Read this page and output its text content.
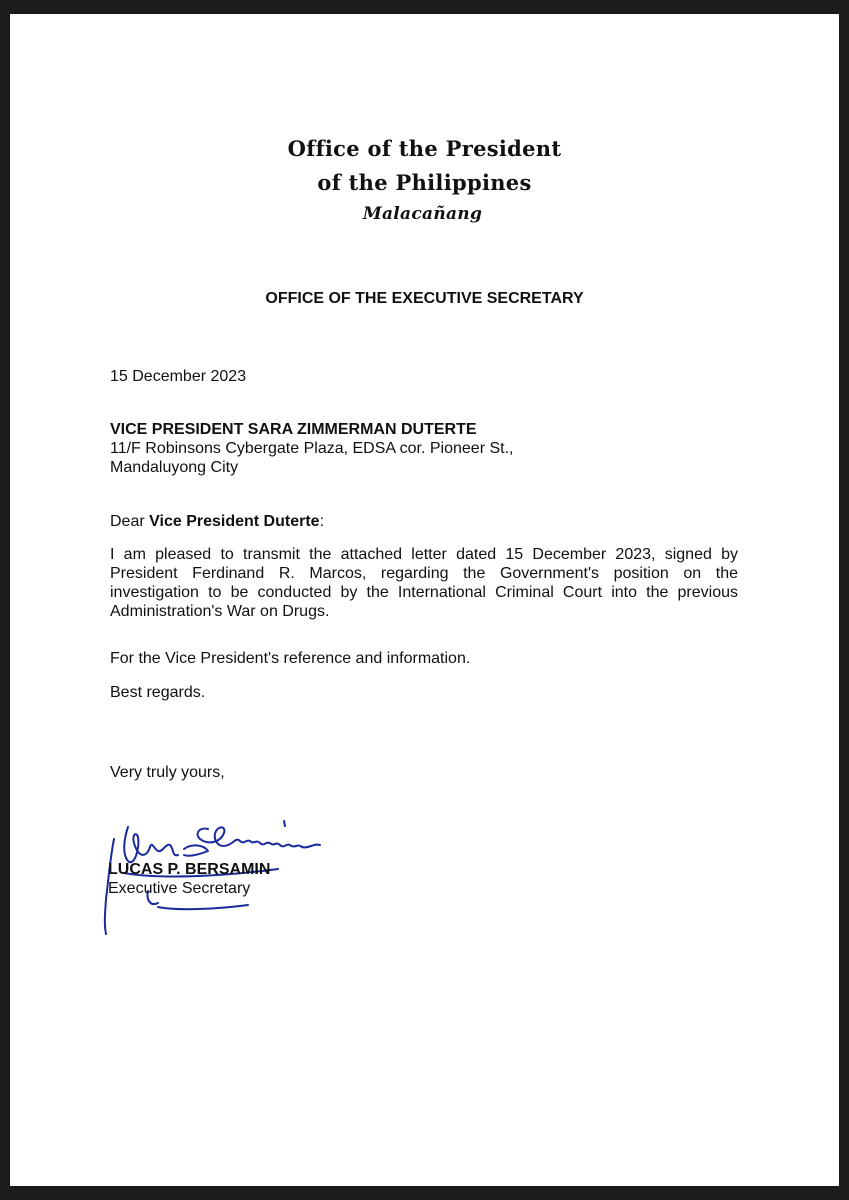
Office of the President
of the Philippines
Malacañang
OFFICE OF THE EXECUTIVE SECRETARY
15 December 2023
VICE PRESIDENT SARA ZIMMERMAN DUTERTE
11/F Robinsons Cybergate Plaza, EDSA cor. Pioneer St.,
Mandaluyong City
Dear Vice President Duterte:
I am pleased to transmit the attached letter dated 15 December 2023, signed by President Ferdinand R. Marcos, regarding the Government's position on the investigation to be conducted by the International Criminal Court into the previous Administration's War on Drugs.
For the Vice President's reference and information.
Best regards.
Very truly yours,
LUCAS P. BERSAMIN
Executive Secretary
